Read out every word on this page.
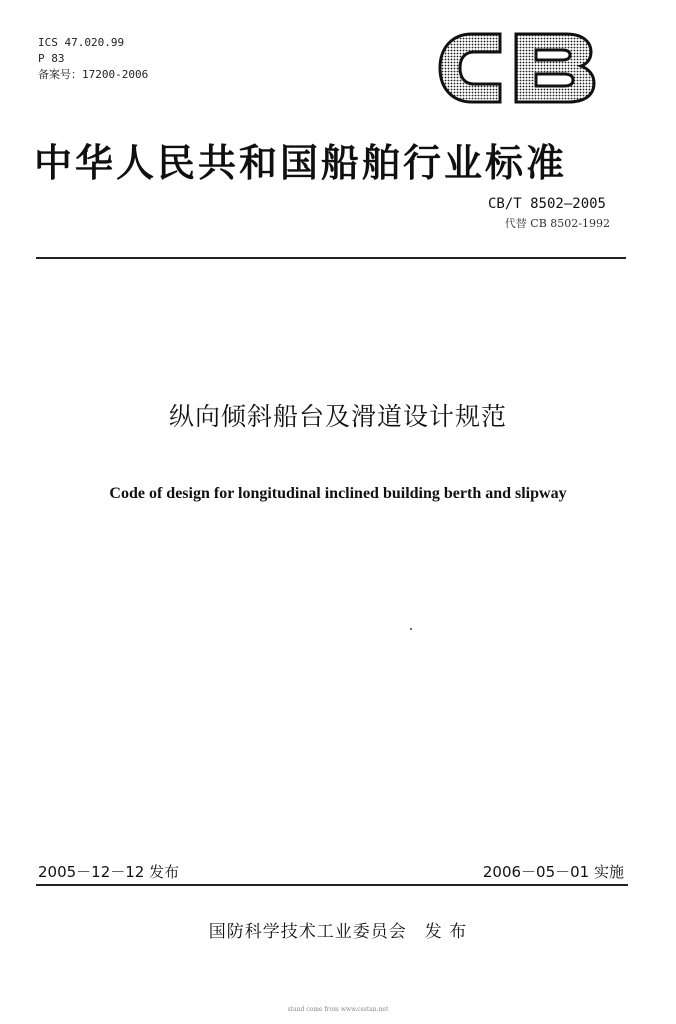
ICS 47.020.99
P 83
备案号：17200-2006
中华人民共和国船舶行业标准
CB/T 8502—2005
代替 CB 8502-1992
纵向倾斜船台及滑道设计规范
Code of design for longitudinal inclined building berth and slipway
2005－12－12 发布	2006－05－01 实施
国防科学技术工业委员会　发 布
stand come from www.csstan.net
